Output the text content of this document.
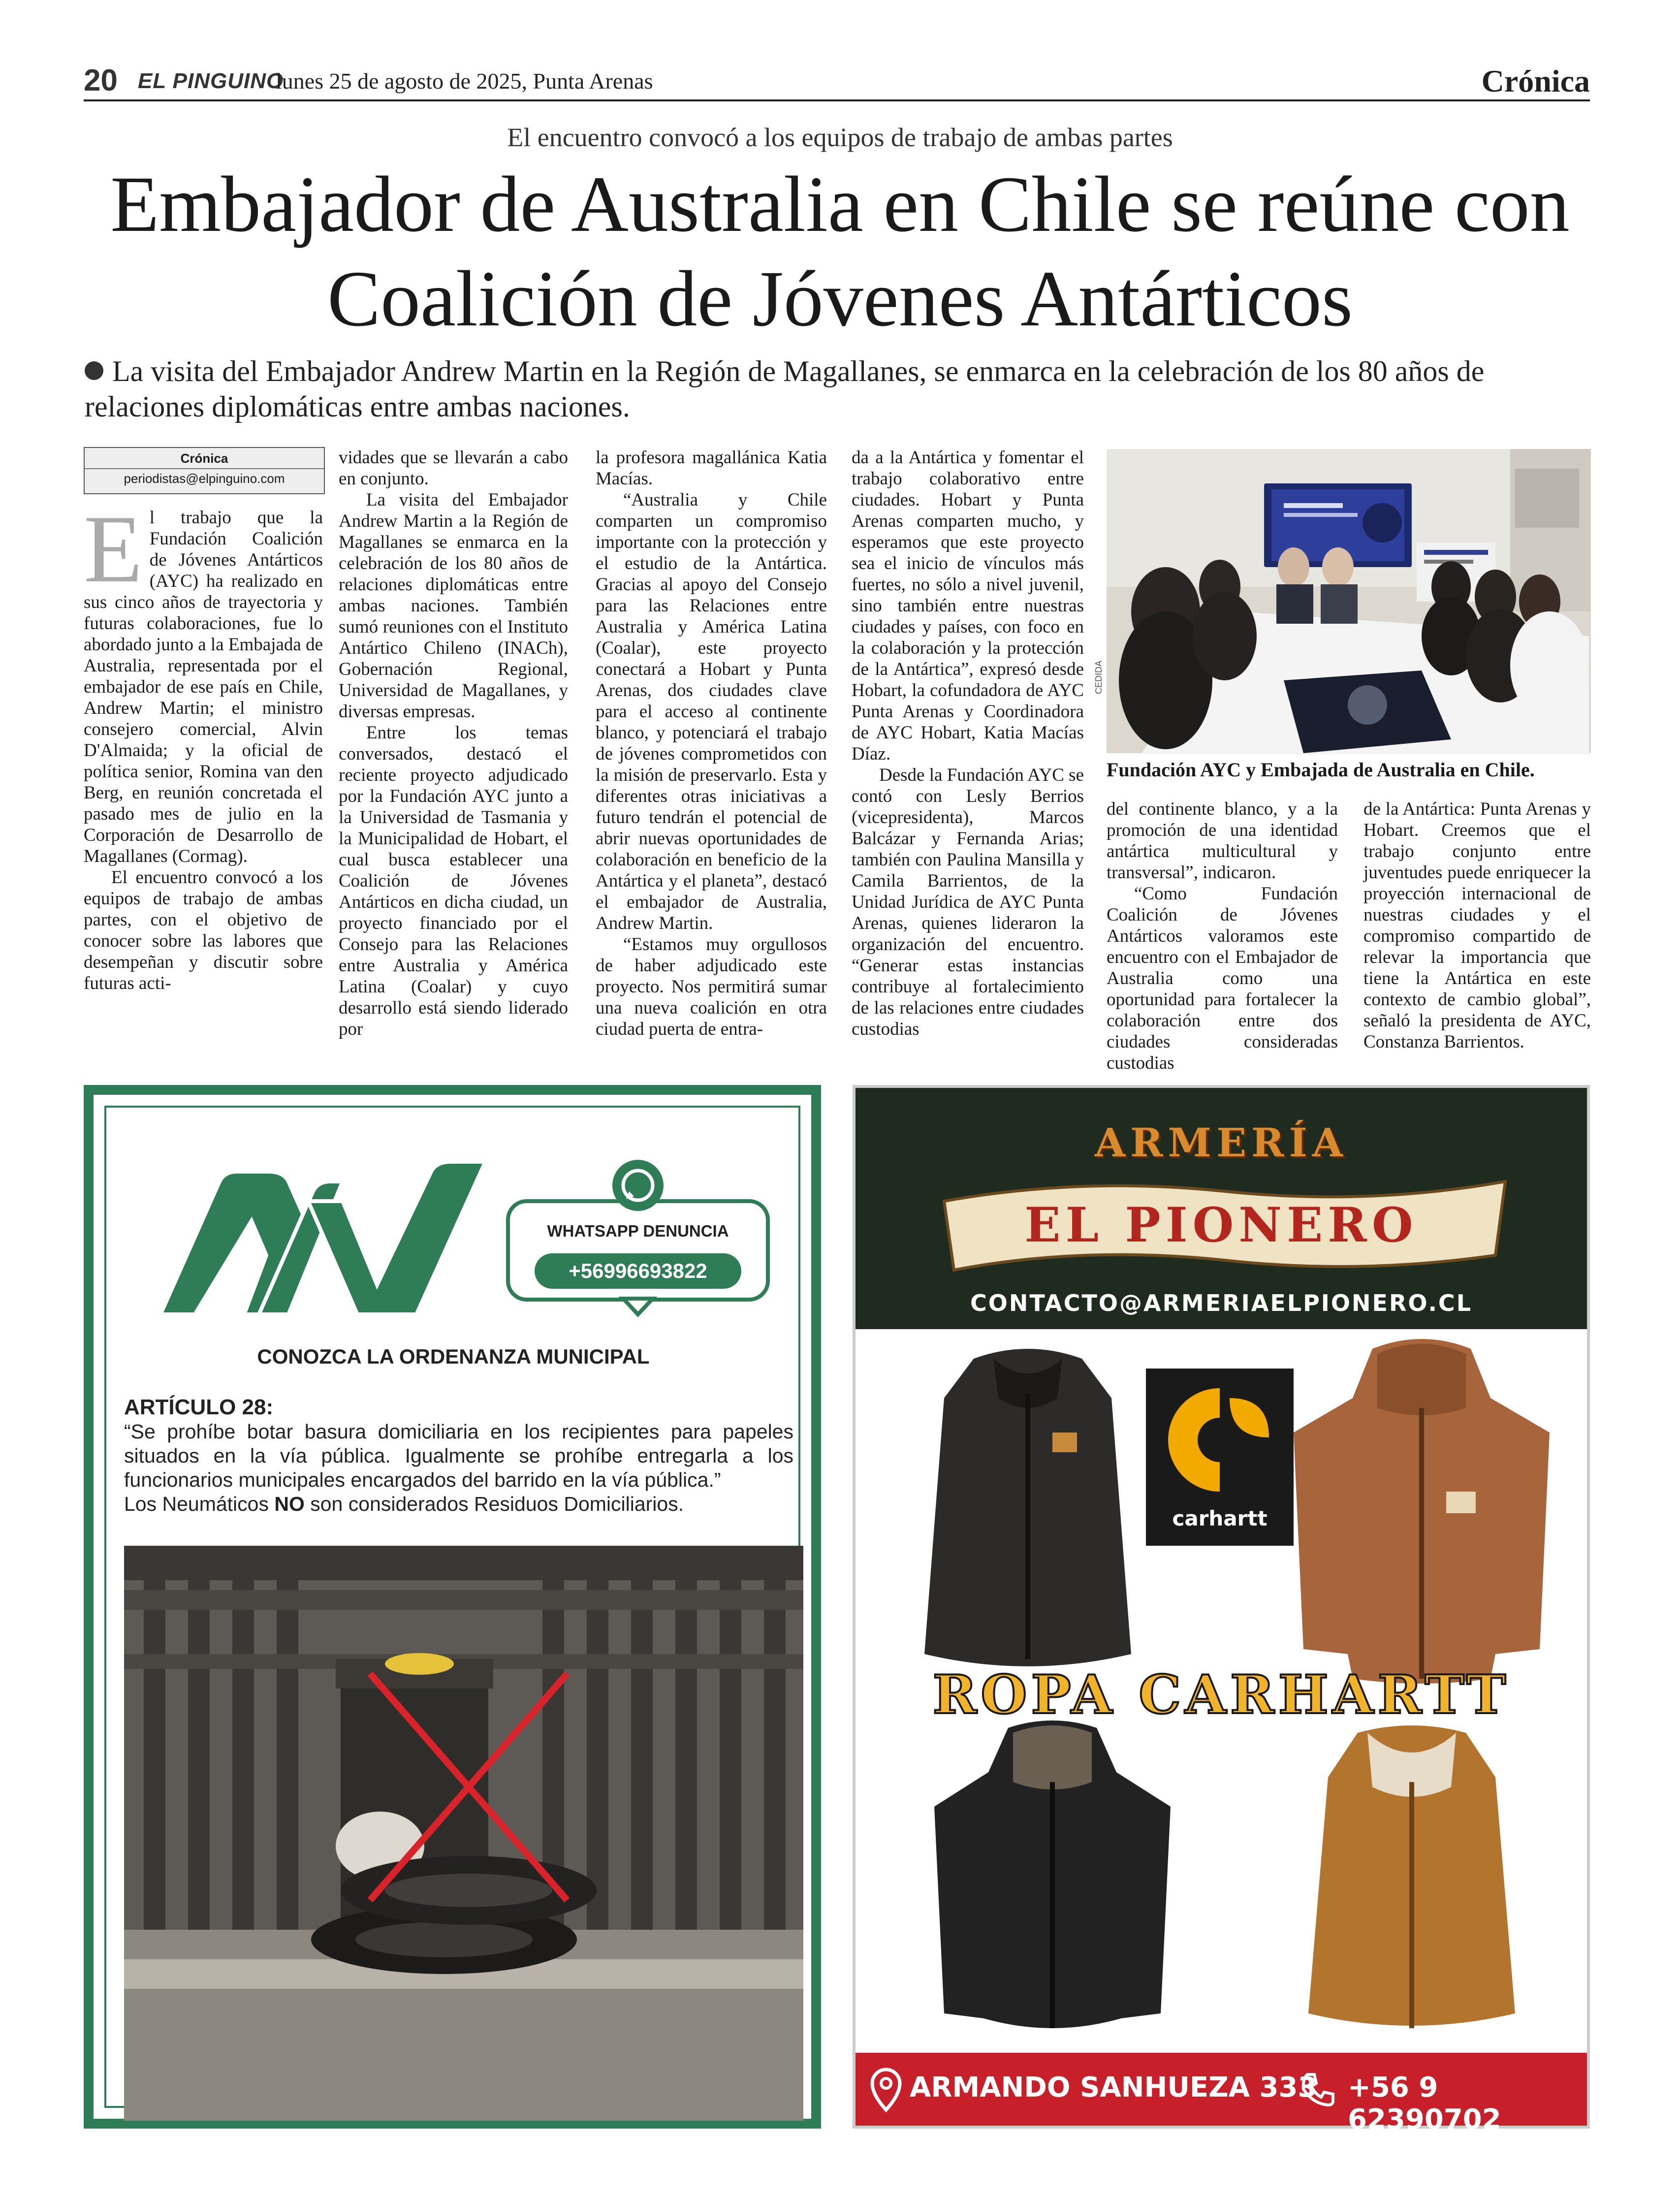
20 EL PINGUINO
lunes 25 de agosto de 2025, Punta Arenas	Crónica
El encuentro convocó a los equipos de trabajo de ambas partes
Embajador de Australia en Chile se reúne con Coalición de Jóvenes Antárticos
La visita del Embajador Andrew Martin en la Región de Magallanes, se enmarca en la celebración de los 80 años de relaciones diplomáticas entre ambas naciones.
Crónica
periodistas@elpinguino.com

El trabajo que la Fundación Coalición de Jóvenes Antárticos (AYC) ha realizado en sus cinco años de trayectoria y futuras colaboraciones, fue lo abordado junto a la Embajada de Australia, representada por el embajador de ese país en Chile, Andrew Martin; el ministro consejero comercial, Alvin D'Almaida; y la oficial de política senior, Romina van den Berg, en reunión concretada el pasado mes de julio en la Corporación de Desarrollo de Magallanes (Cormag).

El encuentro convocó a los equipos de trabajo de ambas partes, con el objetivo de conocer sobre las labores que desempeñan y discutir sobre futuras acti-

vidades que se llevarán a cabo en conjunto.

La visita del Embajador Andrew Martin a la Región de Magallanes se enmarca en la celebración de los 80 años de relaciones diplomáticas entre ambas naciones. También sumó reuniones con el Instituto Antártico Chileno (INACh), Gobernación Regional, Universidad de Magallanes, y diversas empresas.

Entre los temas conversados, destacó el reciente proyecto adjudicado por la Fundación AYC junto a la Universidad de Tasmania y la Municipalidad de Hobart, el cual busca establecer una Coalición de Jóvenes Antárticos en dicha ciudad, un proyecto financiado por el Consejo para las Relaciones entre Australia y América Latina (Coalar) y cuyo desarrollo está siendo liderado por

la profesora magallánica Katia Macías.

“Australia y Chile comparten un compromiso importante con la protección y el estudio de la Antártica. Gracias al apoyo del Consejo para las Relaciones entre Australia y América Latina (Coalar), este proyecto conectará a Hobart y Punta Arenas, dos ciudades clave para el acceso al continente blanco, y potenciará el trabajo de jóvenes comprometidos con la misión de preservarlo. Esta y diferentes otras iniciativas a futuro tendrán el potencial de abrir nuevas oportunidades de colaboración en beneficio de la Antártica y el planeta”, destacó el embajador de Australia, Andrew Martin.

“Estamos muy orgullosos de haber adjudicado este proyecto. Nos permitirá sumar una nueva coalición en otra ciudad puerta de entra-

da a la Antártica y fomentar el trabajo colaborativo entre ciudades. Hobart y Punta Arenas comparten mucho, y esperamos que este proyecto sea el inicio de vínculos más fuertes, no sólo a nivel juvenil, sino también entre nuestras ciudades y países, con foco en la colaboración y la protección de la Antártica”, expresó desde Hobart, la cofundadora de AYC Punta Arenas y Coordinadora de AYC Hobart, Katia Macías Díaz.

Desde la Fundación AYC se contó con Lesly Berrios (vicepresidenta), Marcos Balcázar y Fernanda Arias; también con Paulina Mansilla y Camila Barrientos, de la Unidad Jurídica de AYC Punta Arenas, quienes lideraron la organización del encuentro. “Generar estas instancias contribuye al fortalecimiento de las relaciones entre ciudades custodias

del continente blanco, y a la promoción de una identidad antártica multicultural y transversal”, indicaron.

“Como Fundación Coalición de Jóvenes Antárticos valoramos este encuentro con el Embajador de Australia como una oportunidad para fortalecer la colaboración entre dos ciudades consideradas custodias

de la Antártica: Punta Arenas y Hobart. Creemos que el trabajo conjunto entre juventudes puede enriquecer la proyección internacional de nuestras ciudades y el compromiso compartido de relevar la importancia que tiene la Antártica en este contexto de cambio global”, señaló la presidenta de AYC, Constanza Barrientos.

CEDIDA
Fundación AYC y Embajada de Australia en Chile.
WHATSAPP DENUNCIA
+56996693822
CONOZCA LA ORDENANZA MUNICIPAL
ARTÍCULO 28:
“Se prohíbe botar basura domiciliaria en los recipientes para papeles situados en la vía pública. Igualmente se prohíbe entregarla a los funcionarios municipales encargados del barrido en la vía pública.”
Los Neumáticos NO son considerados Residuos Domiciliarios.
ARMERÍA
EL PIONERO
CONTACTO@ARMERIAELPIONERO.CL
carhartt
ROPA CARHARTT
ARMANDO SANHUEZA 333 +56 9 62390702
